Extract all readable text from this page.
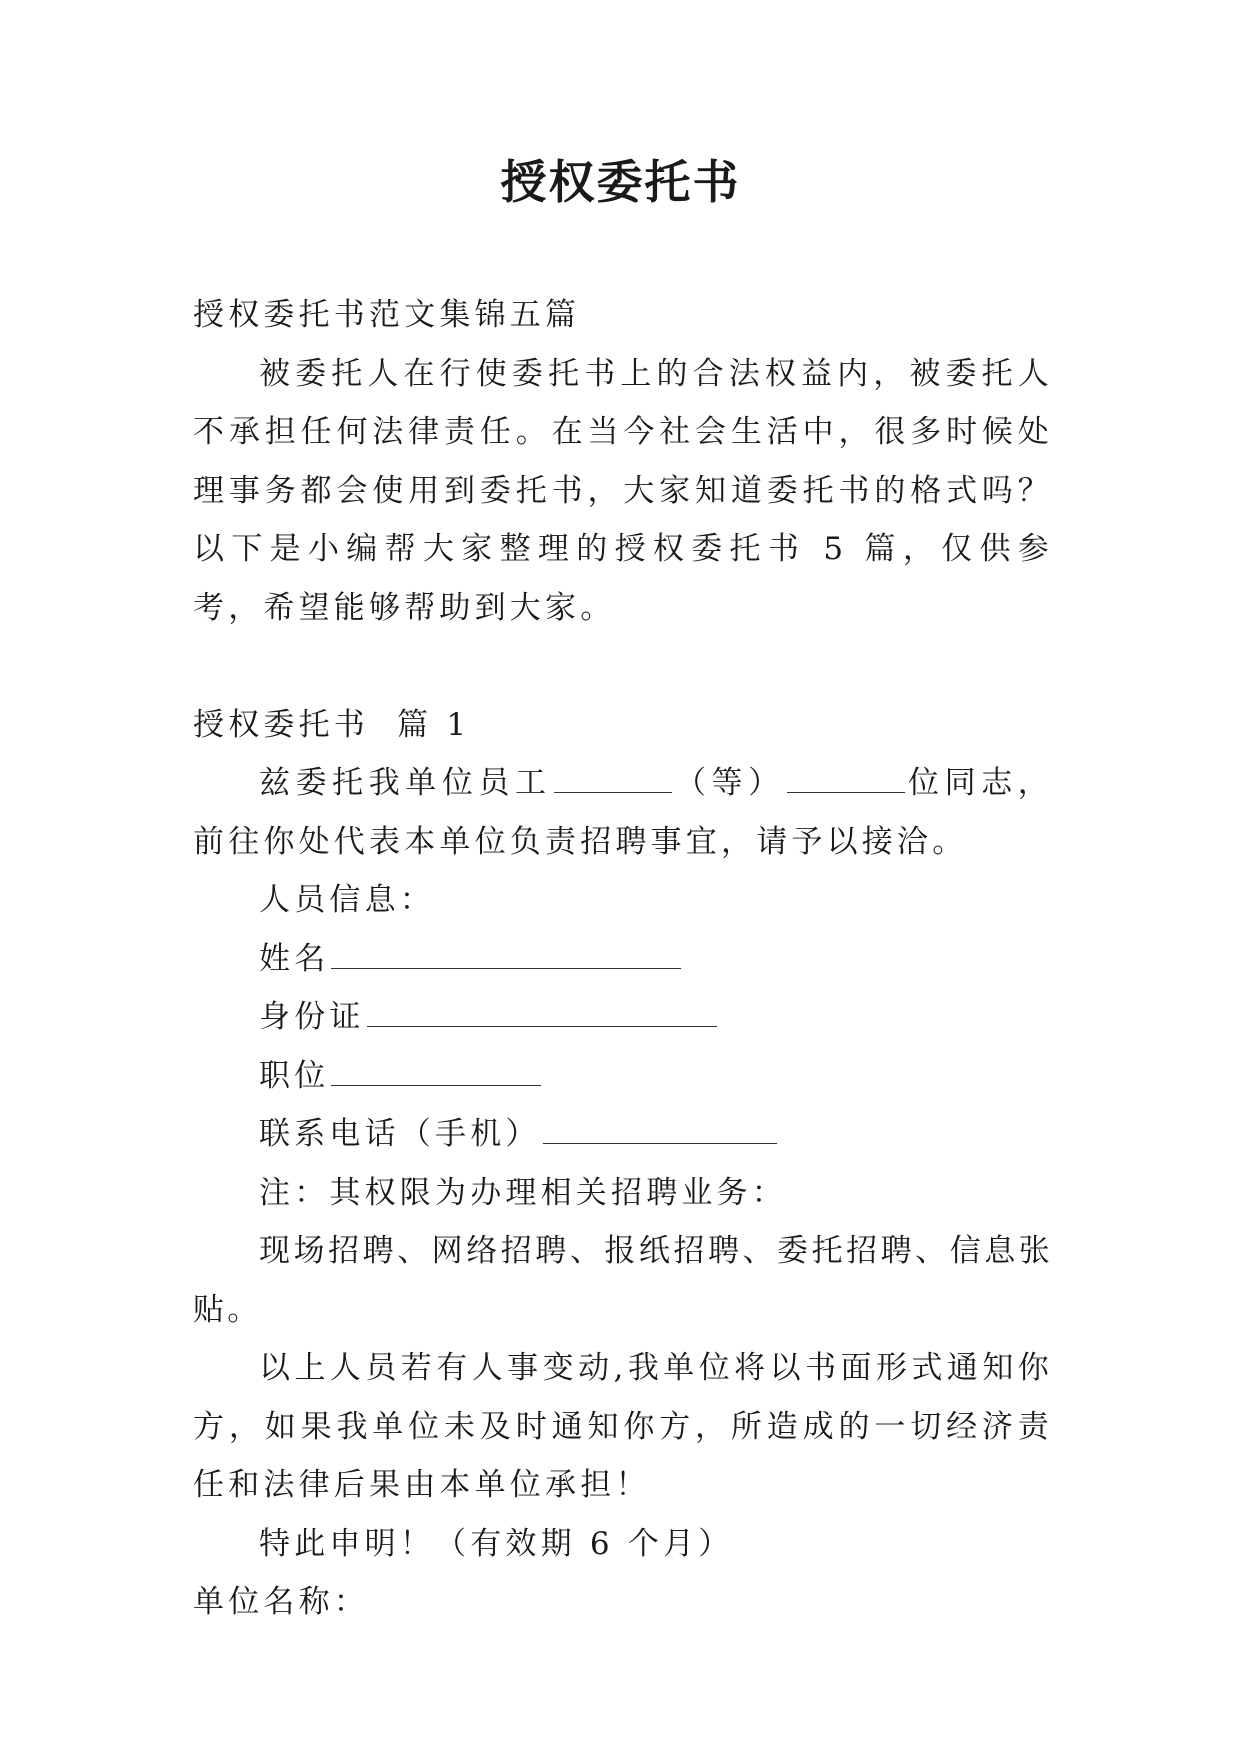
授权委托书

授权委托书范文集锦五篇

被委托人在行使委托书上的合法权益内，被委托人不承担任何法律责任。在当今社会生活中，很多时候处理事务都会使用到委托书，大家知道委托书的格式吗？以下是小编帮大家整理的授权委托书 5 篇，仅供参考，希望能够帮助到大家。

授权委托书  篇 1

兹委托我单位员工	（等）	位同志，前往你处代表本单位负责招聘事宜，请予以接洽。

人员信息：

姓名

身份证

职位

联系电话（手机）

注：其权限为办理相关招聘业务：

现场招聘、网络招聘、报纸招聘、委托招聘、信息张贴。

以上人员若有人事变动,我单位将以书面形式通知你方，如果我单位未及时通知你方，所造成的一切经济责任和法律后果由本单位承担！

特此申明！（有效期 6 个月）

单位名称：
